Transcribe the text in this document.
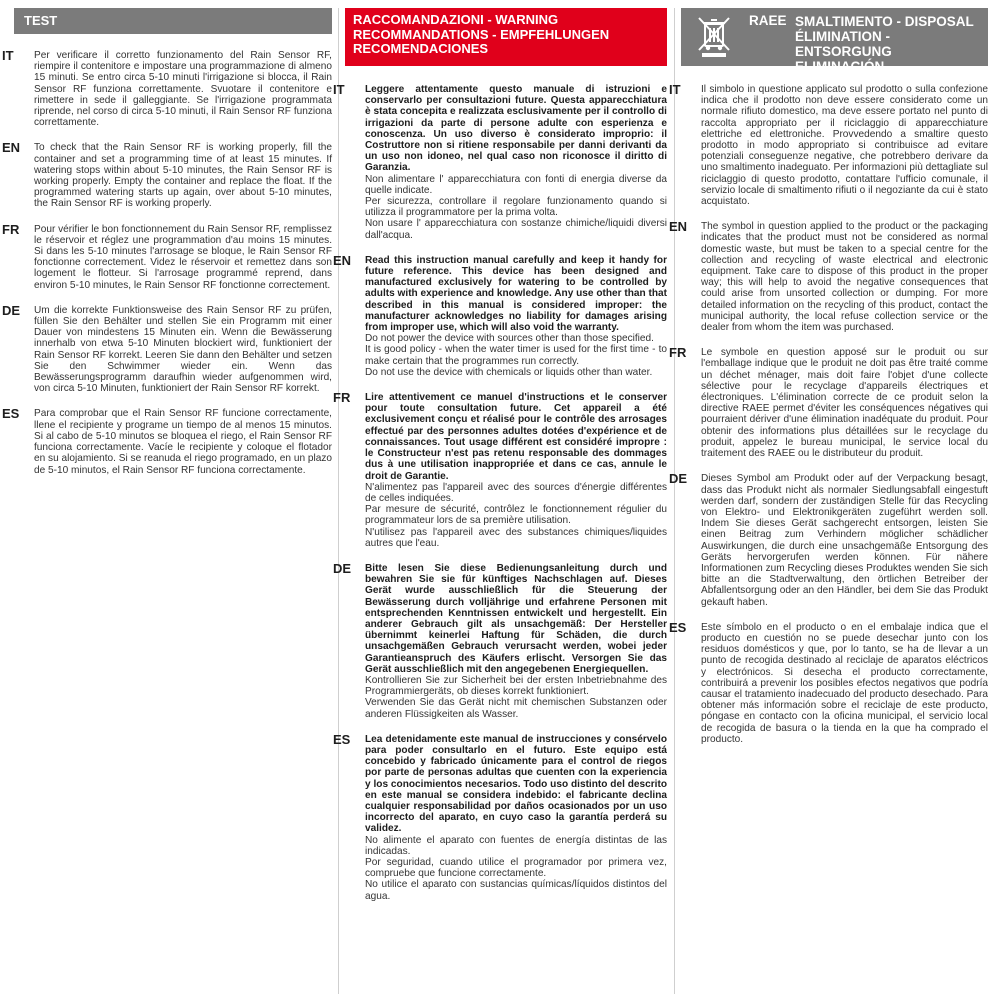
TEST
IT	Per verificare il corretto funzionamento del Rain Sensor RF, riempire il contenitore e impostare una programmazione di almeno 15 minuti. Se entro circa 5-10 minuti l'irrigazione si blocca, il Rain Sensor RF funziona correttamente. Svuotare il contenitore e rimettere in sede il galleggiante. Se l'irrigazione programmata riprende, nel corso di circa 5-10 minuti, il Rain Sensor RF funziona correttamente.
EN	To check that the Rain Sensor RF is working properly, fill the container and set a programming time of at least 15 minutes. If watering stops within about 5-10 minutes, the Rain Sensor RF is working properly. Empty the container and replace the float. If the programmed watering starts up again, over about 5-10 minutes, the Rain Sensor RF is working properly.
FR	Pour vérifier le bon fonctionnement du Rain Sensor RF, remplissez le réservoir et réglez une programmation d'au moins 15 minutes. Si dans les 5-10 minutes l'arrosage se bloque, le Rain Sensor RF fonctionne correctement. Videz le réservoir et remettez dans son logement le flotteur. Si l'arrosage programmé reprend, dans environ 5-10 minutes, le Rain Sensor RF fonctionne correctement.
DE	Um die korrekte Funktionsweise des Rain Sensor RF zu prüfen, füllen Sie den Behälter und stellen Sie ein Programm mit einer Dauer von mindestens 15 Minuten ein. Wenn die Bewässerung innerhalb von etwa 5-10 Minuten blockiert wird, funktioniert der Rain Sensor RF korrekt. Leeren Sie dann den Behälter und setzen Sie den Schwimmer wieder ein. Wenn das Bewässerungsprogramm daraufhin wieder aufgenommen wird, von circa 5-10 Minuten, funktioniert der Rain Sensor RF korrekt.
ES	Para comprobar que el Rain Sensor RF funcione correctamente, llene el recipiente y programe un tiempo de al menos 15 minutos. Si al cabo de 5-10 minutos se bloquea el riego, el Rain Sensor RF funciona correctamente. Vacíe le recipiente y coloque el flotador en su alojamiento. Si se reanuda el riego programado, en un plazo de 5-10 minutos, el Rain Sensor RF funciona correctamente.
RACCOMANDAZIONI - WARNING
RECOMMANDATIONS - EMPFEHLUNGEN
RECOMENDACIONES
IT	Leggere attentamente questo manuale di istruzioni e conservarlo per consultazioni future. Questa apparecchiatura è stata concepita e realizzata esclusivamente per il controllo di irrigazioni da parte di persone adulte con esperienza e conoscenza. Un uso diverso è considerato improprio: il Costruttore non si ritiene responsabile per danni derivanti da un uso non idoneo, nel qual caso non riconosce il diritto di Garanzia.

Non alimentare l' apparecchiatura con fonti di energia diverse da quelle indicate.

Per sicurezza, controllare il regolare funzionamento quando si utilizza il programmatore per la prima volta.

Non usare l' apparecchiatura con sostanze chimiche/liquidi diversi dall'acqua.

EN	Read this instruction manual carefully and keep it handy for future reference. This device has been designed and manufactured exclusively for watering to be controlled by adults with experience and knowledge. Any use other than that described in this manual is considered improper: the manufacturer acknowledges no liability for damages arising from improper use, which will also void the warranty.

Do not power the device with sources other than those specified.

It is good policy - when the water timer is used for the first time - to make certain that the programmes run correctly.

Do not use the device with chemicals or liquids other than water.

FR	Lire attentivement ce manuel d'instructions et le conserver pour toute consultation future. Cet appareil a été exclusivement conçu et réalisé pour le contrôle des arrosages effectué par des personnes adultes dotées d'expérience et de connaissances. Tout usage différent est considéré impropre : le Constructeur n'est pas retenu responsable des dommages dus à une utilisation inappropriée et dans ce cas, annule le droit de Garantie.

N'alimentez pas l'appareil avec des sources d'énergie différentes de celles indiquées.

Par mesure de sécurité, contrôlez le fonctionnement régulier du programmateur lors de sa première utilisation.

N'utilisez pas l'appareil avec des substances chimiques/liquides autres que l'eau.

DE	Bitte lesen Sie diese Bedienungsanleitung durch und bewahren Sie sie für künftiges Nachschlagen auf. Dieses Gerät wurde ausschließlich für die Steuerung der Bewässerung durch volljährige und erfahrene Personen mit entsprechenden Kenntnissen entwickelt und hergestellt. Ein anderer Gebrauch gilt als unsachgemäß: Der Hersteller übernimmt keinerlei Haftung für Schäden, die durch unsachgemäßen Gebrauch verursacht werden, wobei jeder Garantieanspruch des Käufers erlischt. Versorgen Sie das Gerät ausschließlich mit den angegebenen Energiequellen.

Kontrollieren Sie zur Sicherheit bei der ersten Inbetriebnahme des Programmiergeräts, ob dieses korrekt funktioniert.

Verwenden Sie das Gerät nicht mit chemischen Substanzen oder anderen Flüssigkeiten als Wasser.

ES	Lea detenidamente este manual de instrucciones y consérvelo para poder consultarlo en el futuro. Este equipo está concebido y fabricado únicamente para el control de riegos por parte de personas adultas que cuenten con la experiencia y los conocimientos necesarios. Todo uso distinto del descrito en este manual se considera indebido: el fabricante declina cualquier responsabilidad por daños ocasionados por un uso incorrecto del aparato, en cuyo caso la garantía perderá su validez.

No alimente el aparato con fuentes de energía distintas de las indicadas.

Por seguridad, cuando utilice el programador por primera vez, compruebe que funcione correctamente.

No utilice el aparato con sustancias químicas/líquidos distintos del agua.

RAEE SMALTIMENTO - DISPOSAL
ÉLIMINATION - ENTSORGUNG
ELIMINACIÓN
IT	Il simbolo in questione applicato sul prodotto o sulla confezione indica che il prodotto non deve essere considerato come un normale rifiuto domestico, ma deve essere portato nel punto di raccolta appropriato per il riciclaggio di apparecchiature elettriche ed elettroniche. Provvedendo a smaltire questo prodotto in modo appropriato si contribuisce ad evitare potenziali conseguenze negative, che potrebbero derivare da uno smaltimento inadeguato. Per informazioni più dettagliate sul riciclaggio di questo prodotto, contattare l'ufficio comunale, il servizio locale di smaltimento rifiuti o il negoziante da cui è stato acquistato.
EN	The symbol in question applied to the product or the packaging indicates that the product must not be considered as normal domestic waste, but must be taken to a special centre for the collection and recycling of waste electrical and electronic equipment. Take care to dispose of this product in the proper way; this will help to avoid the negative consequences that could arise from unsorted collection or dumping. For more detailed information on the recycling of this product, contact the municipal authority, the local refuse collection service or the dealer from whom the item was purchased.
FR	Le symbole en question apposé sur le produit ou sur l'emballage indique que le produit ne doit pas être traité comme un déchet ménager, mais doit faire l'objet d'une collecte sélective pour le recyclage d'appareils électriques et électroniques. L'élimination correcte de ce produit selon la directive RAEE permet d'éviter les conséquences négatives qui pourraient dériver d'une élimination inadéquate du produit. Pour obtenir des informations plus détaillées sur le recyclage du produit, appelez le bureau municipal, le service local du traitement des RAEE ou le distributeur du produit.
DE	Dieses Symbol am Produkt oder auf der Verpackung besagt, dass das Produkt nicht als normaler Siedlungsabfall eingestuft werden darf, sondern der zuständigen Stelle für das Recycling von Elektro- und Elektronikgeräten zugeführt werden soll. Indem Sie dieses Gerät sachgerecht entsorgen, leisten Sie einen Beitrag zum Verhindern möglicher schädlicher Auswirkungen, die durch eine unsachgemäße Entsorgung des Geräts hervorgerufen werden können. Für nähere Informationen zum Recycling dieses Produktes wenden Sie sich bitte an die Stadtverwaltung, den örtlichen Betreiber der Abfallentsorgung oder an den Händler, bei dem Sie das Produkt gekauft haben.
ES	Este símbolo en el producto o en el embalaje indica que el producto en cuestión no se puede desechar junto con los residuos domésticos y que, por lo tanto, se ha de llevar a un punto de recogida destinado al reciclaje de aparatos eléctricos y electrónicos. Si desecha el producto correctamente, contribuirá a prevenir los posibles efectos negativos que podría causar el tratamiento inadecuado del producto desechado. Para obtener más información sobre el reciclaje de este producto, póngase en contacto con la oficina municipal, el servicio local de recogida de basura o la tienda en la que ha comprado el producto.
